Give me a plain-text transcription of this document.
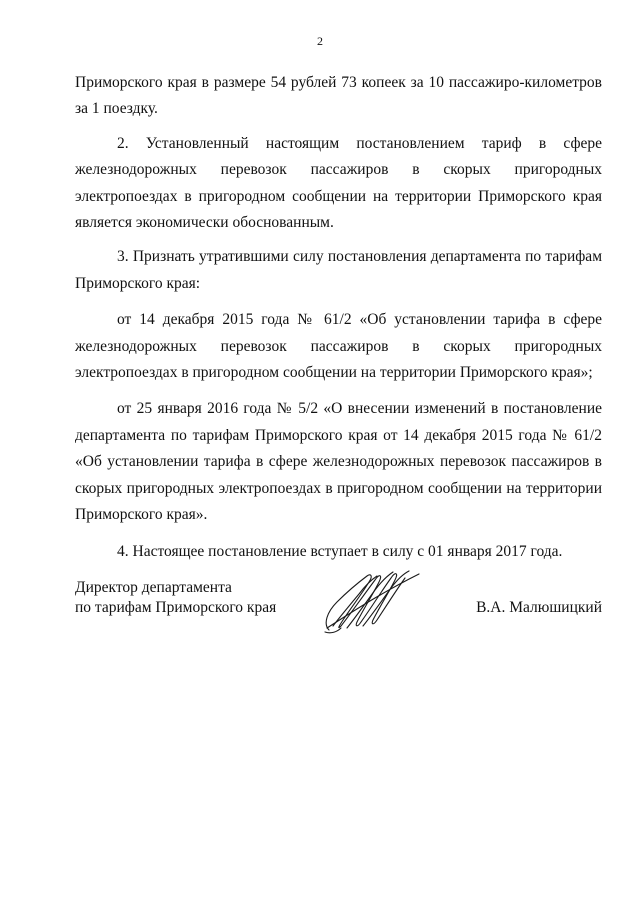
2

Приморского края в размере 54 рублей 73 копеек за 10 пассажиро-километров за 1 поездку.

2. Установленный настоящим постановлением тариф в сфере железнодорожных перевозок пассажиров в скорых пригородных электропоездах в пригородном сообщении на территории Приморского края является экономически обоснованным.

3. Признать утратившими силу постановления департамента по тарифам Приморского края:

от 14 декабря 2015 года № 61/2 «Об установлении тарифа в сфере железнодорожных перевозок пассажиров в скорых пригородных электропоездах в пригородном сообщении на территории Приморского края»;

от 25 января 2016 года № 5/2 «О внесении изменений в постановление департамента по тарифам Приморского края от 14 декабря 2015 года № 61/2 «Об установлении тарифа в сфере железнодорожных перевозок пассажиров в скорых пригородных электропоездах в пригородном сообщении на территории Приморского края».

4. Настоящее постановление вступает в силу с 01 января 2017 года.

Директор департамента
по тарифам Приморского края	В.А. Малюшицкий
